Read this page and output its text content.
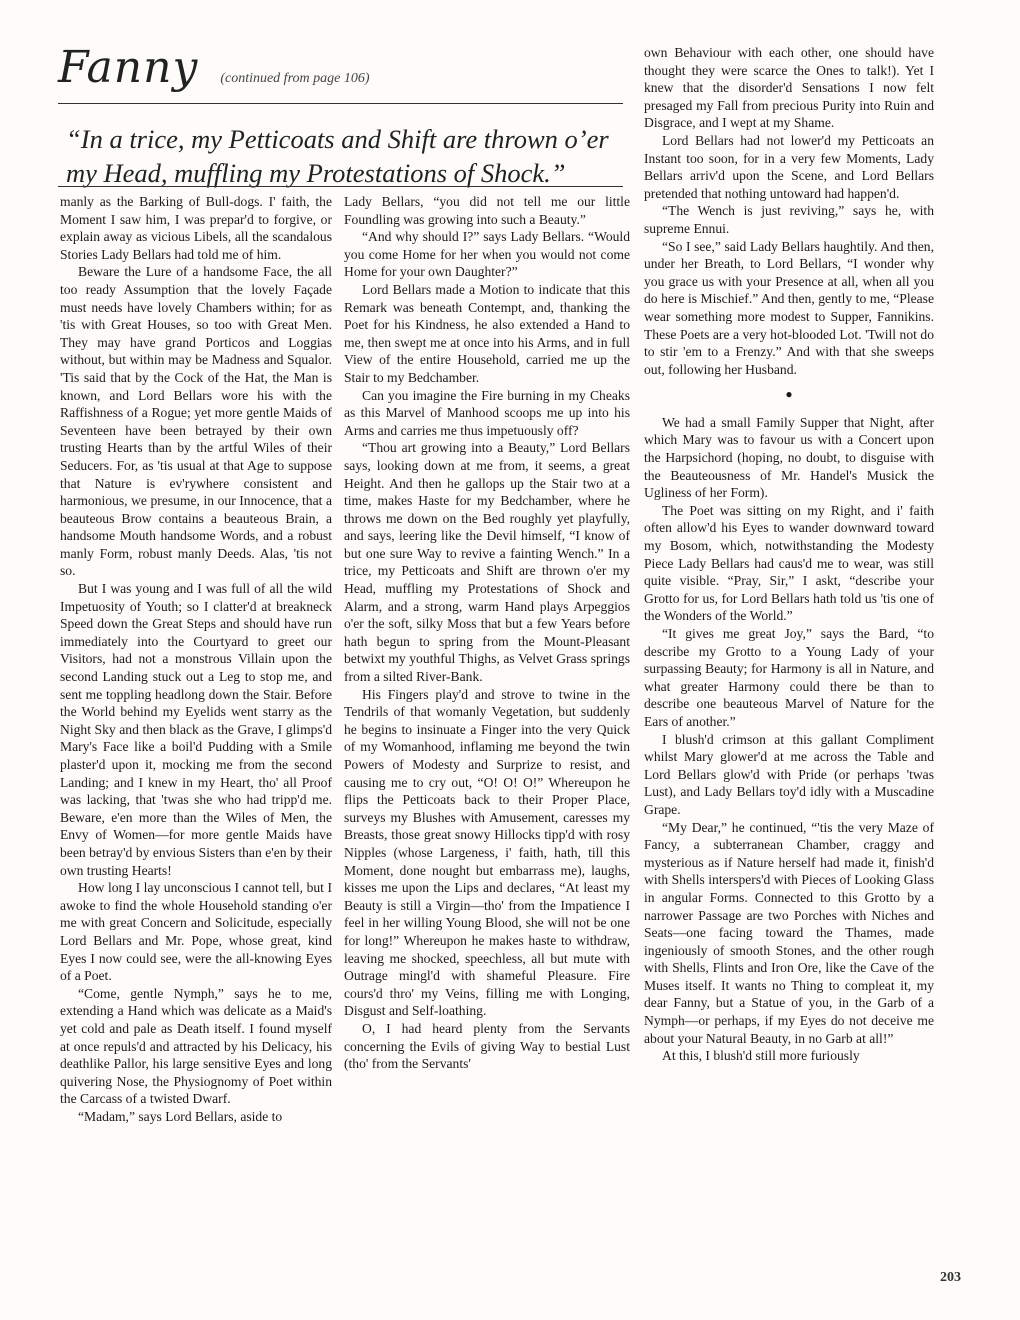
Fanny (continued from page 106)
“In a trice, my Petticoats and Shift are thrown o’er my Head, muffling my Protestations of Shock.”

manly as the Barking of Bull-dogs. I' faith, the Moment I saw him, I was prepar'd to forgive, or explain away as vicious Libels, all the scandalous Stories Lady Bellars had told me of him.

Beware the Lure of a handsome Face, the all too ready Assumption that the lovely Façade must needs have lovely Chambers within; for as 'tis with Great Houses, so too with Great Men. They may have grand Porticos and Loggias without, but within may be Madness and Squalor. 'Tis said that by the Cock of the Hat, the Man is known, and Lord Bellars wore his with the Raffishness of a Rogue; yet more gentle Maids of Seventeen have been betrayed by their own trusting Hearts than by the artful Wiles of their Seducers. For, as 'tis usual at that Age to suppose that Nature is ev'rywhere consistent and harmonious, we presume, in our Innocence, that a beauteous Brow contains a beauteous Brain, a handsome Mouth handsome Words, and a robust manly Form, robust manly Deeds. Alas, 'tis not so.

But I was young and I was full of all the wild Impetuosity of Youth; so I clatter'd at breakneck Speed down the Great Steps and should have run immediately into the Courtyard to greet our Visitors, had not a monstrous Villain upon the second Landing stuck out a Leg to stop me, and sent me toppling headlong down the Stair. Before the World behind my Eyelids went starry as the Night Sky and then black as the Grave, I glimps'd Mary's Face like a boil'd Pudding with a Smile plaster'd upon it, mocking me from the second Landing; and I knew in my Heart, tho' all Proof was lacking, that 'twas she who had tripp'd me. Beware, e'en more than the Wiles of Men, the Envy of Women—for more gentle Maids have been betray'd by envious Sisters than e'en by their own trusting Hearts!

How long I lay unconscious I cannot tell, but I awoke to find the whole Household standing o'er me with great Concern and Solicitude, especially Lord Bellars and Mr. Pope, whose great, kind Eyes I now could see, were the all-knowing Eyes of a Poet.

“Come, gentle Nymph,” says he to me, extending a Hand which was delicate as a Maid's yet cold and pale as Death itself. I found myself at once repuls'd and attracted by his Delicacy, his deathlike Pallor, his large sensitive Eyes and long quivering Nose, the Physiognomy of Poet within the Carcass of a twisted Dwarf.

“Madam,” says Lord Bellars, aside to

Lady Bellars, “you did not tell me our little Foundling was growing into such a Beauty.”

“And why should I?” says Lady Bellars. “Would you come Home for her when you would not come Home for your own Daughter?”

Lord Bellars made a Motion to indicate that this Remark was beneath Contempt, and, thanking the Poet for his Kindness, he also extended a Hand to me, then swept me at once into his Arms, and in full View of the entire Household, carried me up the Stair to my Bedchamber.

Can you imagine the Fire burning in my Cheaks as this Marvel of Manhood scoops me up into his Arms and carries me thus impetuously off?

“Thou art growing into a Beauty,” Lord Bellars says, looking down at me from, it seems, a great Height. And then he gallops up the Stair two at a time, makes Haste for my Bedchamber, where he throws me down on the Bed roughly yet playfully, and says, leering like the Devil himself, “I know of but one sure Way to revive a fainting Wench.” In a trice, my Petticoats and Shift are thrown o'er my Head, muffling my Protestations of Shock and Alarm, and a strong, warm Hand plays Arpeggios o'er the soft, silky Moss that but a few Years before hath begun to spring from the Mount-Pleasant betwixt my youthful Thighs, as Velvet Grass springs from a silted River-Bank.

His Fingers play'd and strove to twine in the Tendrils of that womanly Vegetation, but suddenly he begins to insinuate a Finger into the very Quick of my Womanhood, inflaming me beyond the twin Powers of Modesty and Surprize to resist, and causing me to cry out, “O! O! O!” Whereupon he flips the Petticoats back to their Proper Place, surveys my Blushes with Amusement, caresses my Breasts, those great snowy Hillocks tipp'd with rosy Nipples (whose Largeness, i' faith, hath, till this Moment, done nought but embarrass me), laughs, kisses me upon the Lips and declares, “At least my Beauty is still a Virgin—tho' from the Impatience I feel in her willing Young Blood, she will not be one for long!” Whereupon he makes haste to withdraw, leaving me shocked, speechless, all but mute with Outrage mingl'd with shameful Pleasure. Fire cours'd thro' my Veins, filling me with Longing, Disgust and Self-loathing.

O, I had heard plenty from the Servants concerning the Evils of giving Way to bestial Lust (tho' from the Servants'

own Behaviour with each other, one should have thought they were scarce the Ones to talk!). Yet I knew that the disorder'd Sensations I now felt presaged my Fall from precious Purity into Ruin and Disgrace, and I wept at my Shame.

Lord Bellars had not lower'd my Petticoats an Instant too soon, for in a very few Moments, Lady Bellars arriv'd upon the Scene, and Lord Bellars pretended that nothing untoward had happen'd.

“The Wench is just reviving,” says he, with supreme Ennui.

“So I see,” said Lady Bellars haughtily. And then, under her Breath, to Lord Bellars, “I wonder why you grace us with your Presence at all, when all you do here is Mischief.” And then, gently to me, “Please wear something more modest to Supper, Fannikins. These Poets are a very hot-blooded Lot. 'Twill not do to stir 'em to a Frenzy.” And with that she sweeps out, following her Husband.

●

We had a small Family Supper that Night, after which Mary was to favour us with a Concert upon the Harpsichord (hoping, no doubt, to disguise with the Beauteousness of Mr. Handel's Musick the Ugliness of her Form).

The Poet was sitting on my Right, and i' faith often allow'd his Eyes to wander downward toward my Bosom, which, notwithstanding the Modesty Piece Lady Bellars had caus'd me to wear, was still quite visible. “Pray, Sir,” I askt, “describe your Grotto for us, for Lord Bellars hath told us 'tis one of the Wonders of the World.”

“It gives me great Joy,” says the Bard, “to describe my Grotto to a Young Lady of your surpassing Beauty; for Harmony is all in Nature, and what greater Harmony could there be than to describe one beauteous Marvel of Nature for the Ears of another.”

I blush'd crimson at this gallant Compliment whilst Mary glower'd at me across the Table and Lord Bellars glow'd with Pride (or perhaps 'twas Lust), and Lady Bellars toy'd idly with a Muscadine Grape.

“My Dear,” he continued, “'tis the very Maze of Fancy, a subterranean Chamber, craggy and mysterious as if Nature herself had made it, finish'd with Shells interspers'd with Pieces of Looking Glass in angular Forms. Connected to this Grotto by a narrower Passage are two Porches with Niches and Seats—one facing toward the Thames, made ingeniously of smooth Stones, and the other rough with Shells, Flints and Iron Ore, like the Cave of the Muses itself. It wants no Thing to compleat it, my dear Fanny, but a Statue of you, in the Garb of a Nymph—or perhaps, if my Eyes do not deceive me about your Natural Beauty, in no Garb at all!”

At this, I blush'd still more furiously

203
